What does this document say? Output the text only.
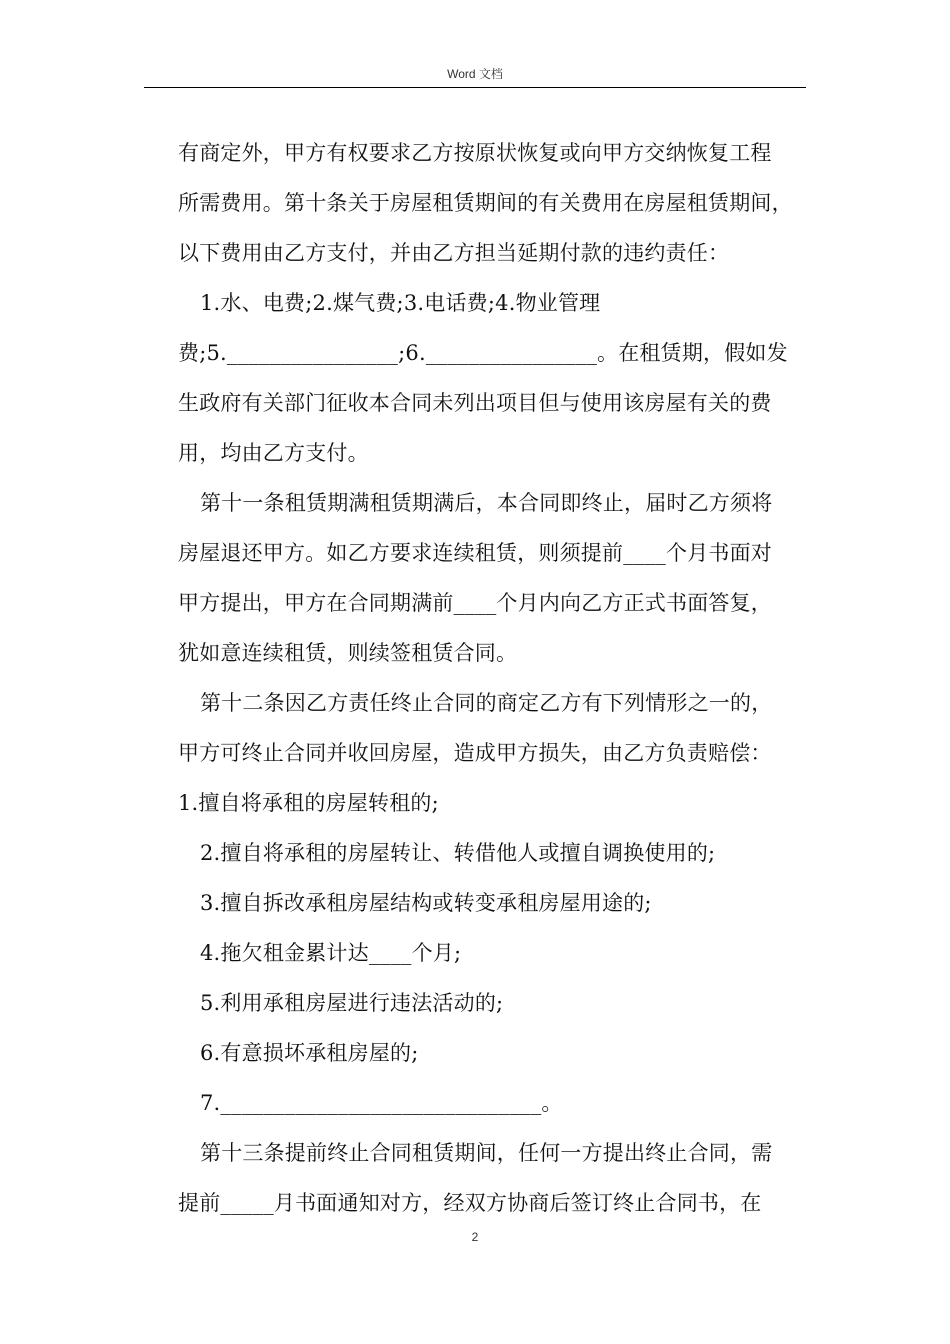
Word 文档
有商定外，甲方有权要求乙方按原状恢复或向甲方交纳恢复工程
所需费用。第十条关于房屋租赁期间的有关费用在房屋租赁期间，
以下费用由乙方支付，并由乙方担当延期付款的违约责任：
1.水、电费;2.煤气费;3.电话费;4.物业管理
费;5.________________;6.________________。在租赁期，假如发
生政府有关部门征收本合同未列出项目但与使用该房屋有关的费
用，均由乙方支付。
第十一条租赁期满租赁期满后，本合同即终止，届时乙方须将
房屋退还甲方。如乙方要求连续租赁，则须提前____个月书面对
甲方提出，甲方在合同期满前____个月内向乙方正式书面答复，
犹如意连续租赁，则续签租赁合同。
第十二条因乙方责任终止合同的商定乙方有下列情形之一的，
甲方可终止合同并收回房屋，造成甲方损失，由乙方负责赔偿：
1.擅自将承租的房屋转租的;
2.擅自将承租的房屋转让、转借他人或擅自调换使用的;
3.擅自拆改承租房屋结构或转变承租房屋用途的;
4.拖欠租金累计达____个月;
5.利用承租房屋进行违法活动的;
6.有意损坏承租房屋的;
7.______________________________。
第十三条提前终止合同租赁期间，任何一方提出终止合同，需
提前_____月书面通知对方，经双方协商后签订终止合同书，在
2
